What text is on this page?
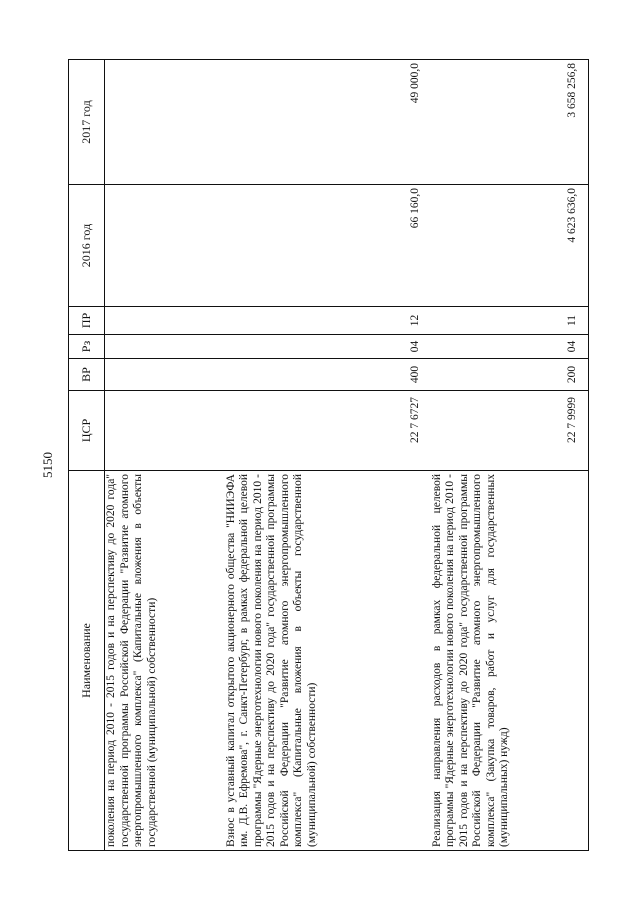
5150
Наименование	ЦСР	ВР	Рз	ПР	2016 год	2017 год
поколения на период 2010 - 2015 годов и на перспективу до 2020 года" государственной программы Российской Федерации "Развитие атомного энергопромышленного комплекса" (Капитальные вложения в объекты государственной (муниципальной) собственности)						
Взнос в уставный капитал открытого акционерного общества "НИИЭФА им. Д.В. Ефремова", г. Санкт-Петербург, в рамках федеральной целевой программы "Ядерные энерготехнологии нового поколения на период 2010 - 2015 годов и на перспективу до 2020 года" государственной программы Российской Федерации "Развитие атомного энергопромышленного комплекса" (Капитальные вложения в объекты государственной (муниципальной) собственности)	22 7 6727	400	04	12	66 160,0	49 000,0
Реализация направления расходов в рамках федеральной целевой программы "Ядерные энерготехнологии нового поколения на период 2010 - 2015 годов и на перспективу до 2020 года" государственной программы Российской Федерации "Развитие атомного энергопромышленного комплекса" (Закупка товаров, работ и услуг для государственных (муниципальных) нужд)	22 7 9999	200	04	11	4 623 636,0	3 658 256,8
